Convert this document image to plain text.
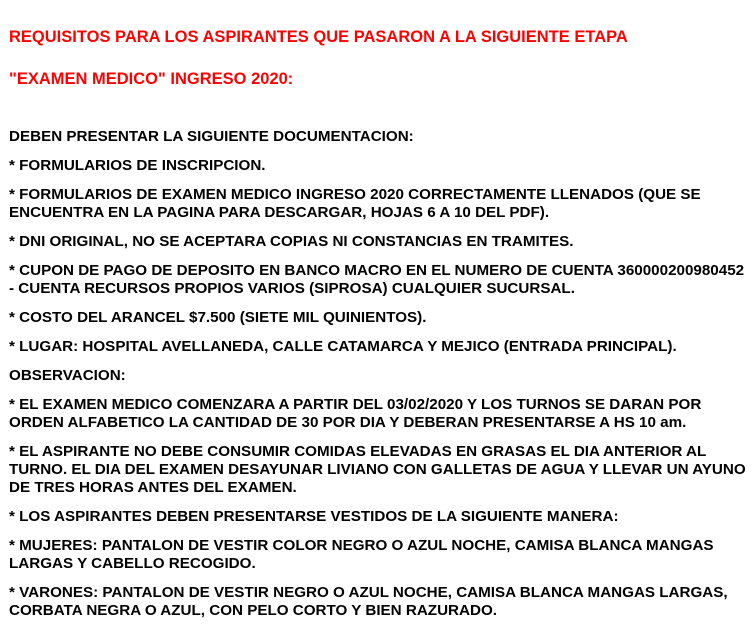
REQUISITOS PARA LOS ASPIRANTES QUE PASARON A LA SIGUIENTE ETAPA

"EXAMEN MEDICO" INGRESO 2020:

DEBEN PRESENTAR LA SIGUIENTE DOCUMENTACION:

* FORMULARIOS DE INSCRIPCION.

* FORMULARIOS DE EXAMEN MEDICO INGRESO 2020 CORRECTAMENTE LLENADOS (QUE SE ENCUENTRA EN LA PAGINA PARA DESCARGAR, HOJAS 6 A 10 DEL PDF).

* DNI ORIGINAL, NO SE ACEPTARA COPIAS NI CONSTANCIAS EN TRAMITES.

* CUPON DE PAGO DE DEPOSITO EN BANCO MACRO EN EL NUMERO DE CUENTA 360000200980452 - CUENTA RECURSOS PROPIOS VARIOS (SIPROSA) CUALQUIER SUCURSAL.

* COSTO DEL ARANCEL $7.500 (SIETE MIL QUINIENTOS).

* LUGAR: HOSPITAL AVELLANEDA, CALLE CATAMARCA Y MEJICO (ENTRADA PRINCIPAL).

OBSERVACION:

* EL EXAMEN MEDICO COMENZARA A PARTIR DEL 03/02/2020 Y LOS TURNOS SE DARAN POR ORDEN ALFABETICO LA CANTIDAD DE 30 POR DIA Y DEBERAN PRESENTARSE A HS 10 am.

* EL ASPIRANTE NO DEBE CONSUMIR COMIDAS ELEVADAS EN GRASAS EL DIA ANTERIOR AL TURNO. EL DIA DEL EXAMEN DESAYUNAR LIVIANO CON GALLETAS DE AGUA Y LLEVAR UN AYUNO DE TRES HORAS ANTES DEL EXAMEN.

* LOS ASPIRANTES DEBEN PRESENTARSE VESTIDOS DE LA SIGUIENTE MANERA:

* MUJERES: PANTALON DE VESTIR COLOR NEGRO O AZUL NOCHE, CAMISA BLANCA MANGAS LARGAS Y CABELLO RECOGIDO.

* VARONES: PANTALON DE VESTIR NEGRO O AZUL NOCHE, CAMISA BLANCA MANGAS LARGAS, CORBATA NEGRA O AZUL, CON PELO CORTO Y BIEN RAZURADO.
